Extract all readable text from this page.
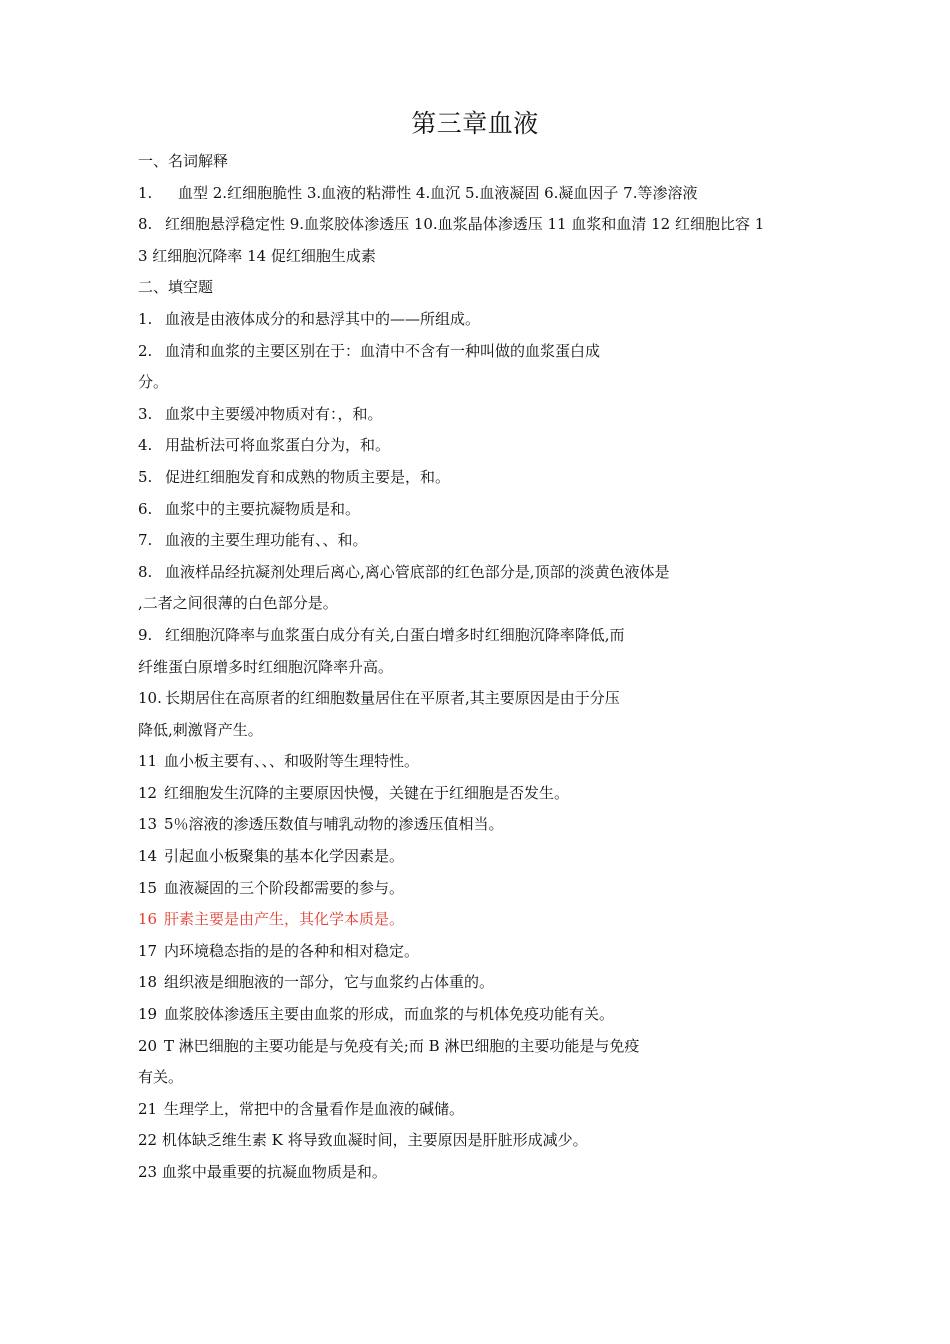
第三章血液
一、名词解释
1. 血型 2.红细胞脆性 3.血液的粘滞性 4.血沉 5.血液凝固 6.凝血因子 7.等渗溶液
8. 红细胞悬浮稳定性 9.血浆胶体渗透压 10.血浆晶体渗透压 11 血浆和血清 12 红细胞比容 1
3 红细胞沉降率 14 促红细胞生成素
二、填空题
1. 血液是由液体成分的和悬浮其中的——所组成。
2. 血清和血浆的主要区别在于：血清中不含有一种叫做的血浆蛋白成
分。
3. 血浆中主要缓冲物质对有：，和。
4. 用盐析法可将血浆蛋白分为，和。
5. 促进红细胞发育和成熟的物质主要是，和。
6. 血浆中的主要抗凝物质是和。
7. 血液的主要生理功能有、、和。
8. 血液样品经抗凝剂处理后离心,离心管底部的红色部分是,顶部的淡黄色液体是
,二者之间很薄的白色部分是。
9. 红细胞沉降率与血浆蛋白成分有关,白蛋白增多时红细胞沉降率降低,而
纤维蛋白原增多时红细胞沉降率升高。
10. 长期居住在高原者的红细胞数量居住在平原者,其主要原因是由于分压
降低,刺激肾产生。
11 血小板主要有、、、和吸附等生理特性。
12 红细胞发生沉降的主要原因快慢，关键在于红细胞是否发生。
13 5％溶液的渗透压数值与哺乳动物的渗透压值相当。
14 引起血小板聚集的基本化学因素是。
15 血液凝固的三个阶段都需要的参与。
16 肝素主要是由产生，其化学本质是。
17 内环境稳态指的是的各种和相对稳定。
18 组织液是细胞液的一部分，它与血浆约占体重的。
19 血浆胶体渗透压主要由血浆的形成，而血浆的与机体免疫功能有关。
20 T 淋巴细胞的主要功能是与免疫有关;而 B 淋巴细胞的主要功能是与免疫
有关。
21 生理学上，常把中的含量看作是血液的碱储。
22 机体缺乏维生素 K 将导致血凝时间，主要原因是肝脏形成减少。
23 血浆中最重要的抗凝血物质是和。
